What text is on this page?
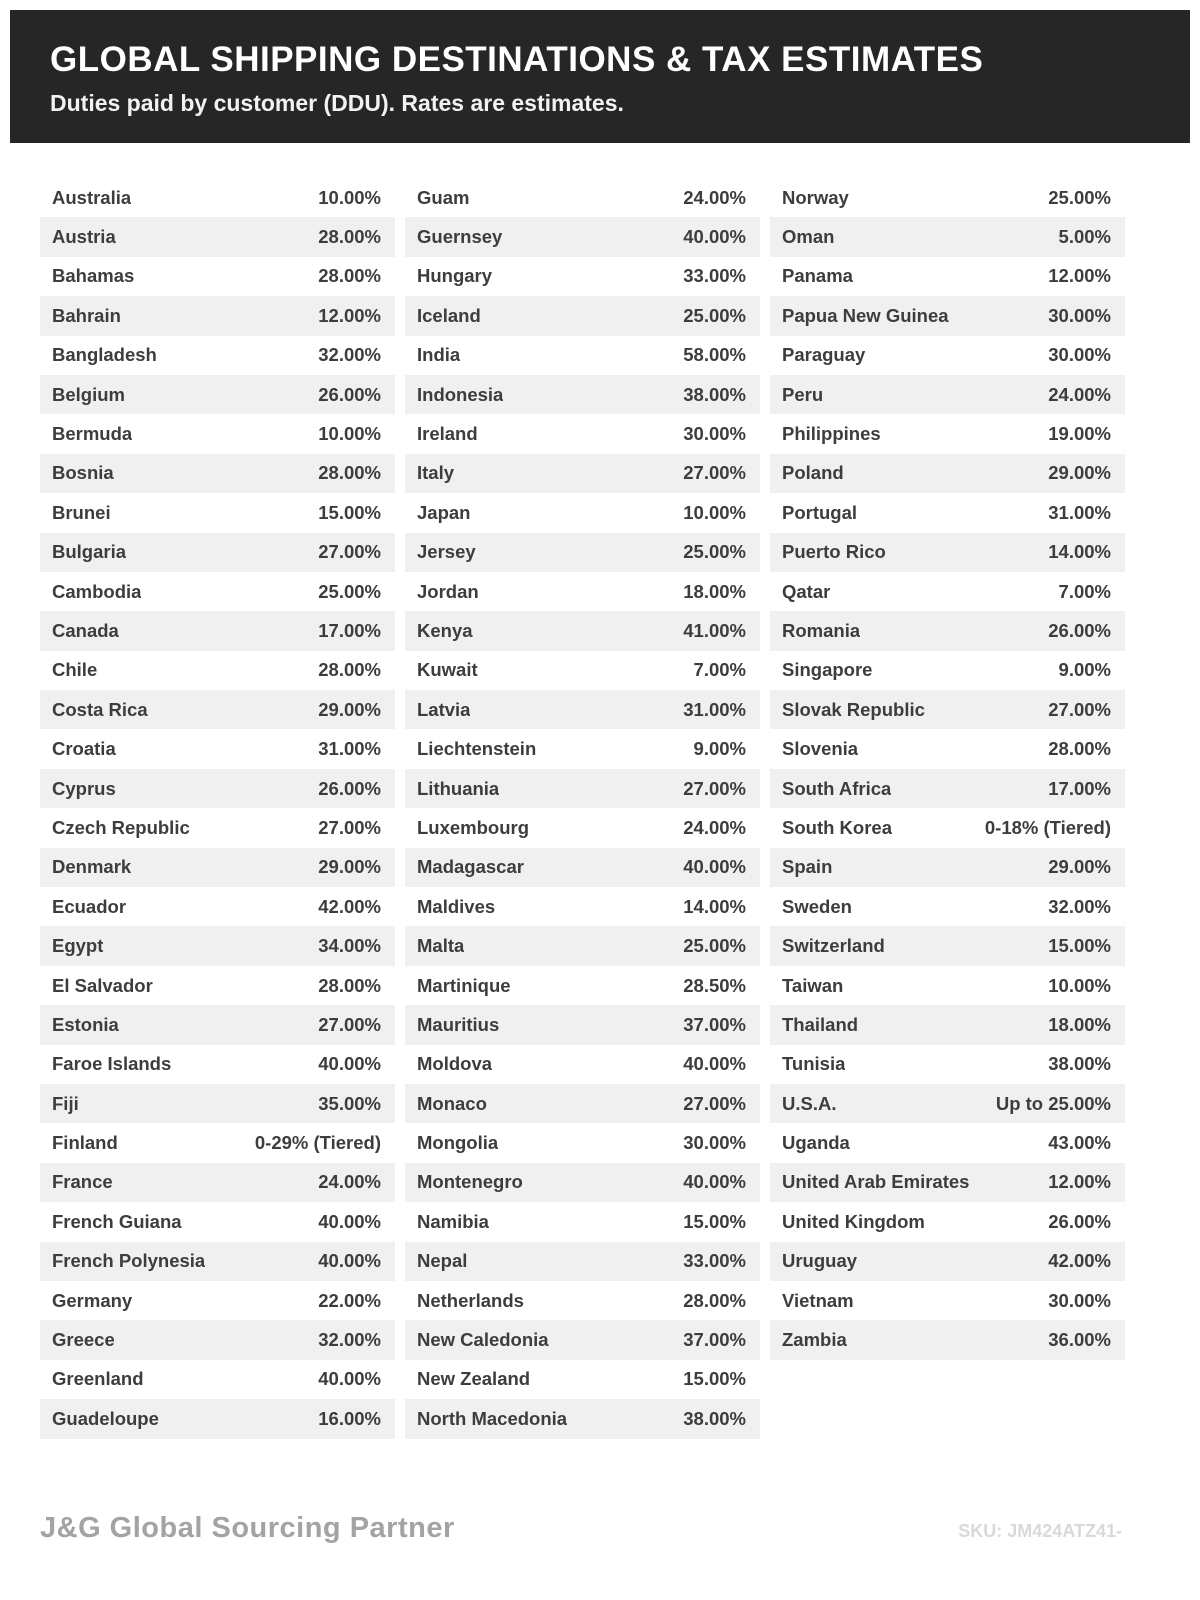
GLOBAL SHIPPING DESTINATIONS & TAX ESTIMATES
Duties paid by customer (DDU). Rates are estimates.
Australia	10.00%
Austria	28.00%
Bahamas	28.00%
Bahrain	12.00%
Bangladesh	32.00%
Belgium	26.00%
Bermuda	10.00%
Bosnia	28.00%
Brunei	15.00%
Bulgaria	27.00%
Cambodia	25.00%
Canada	17.00%
Chile	28.00%
Costa Rica	29.00%
Croatia	31.00%
Cyprus	26.00%
Czech Republic	27.00%
Denmark	29.00%
Ecuador	42.00%
Egypt	34.00%
El Salvador	28.00%
Estonia	27.00%
Faroe Islands	40.00%
Fiji	35.00%
Finland	0-29% (Tiered)
France	24.00%
French Guiana	40.00%
French Polynesia	40.00%
Germany	22.00%
Greece	32.00%
Greenland	40.00%
Guadeloupe	16.00%
Guam	24.00%
Guernsey	40.00%
Hungary	33.00%
Iceland	25.00%
India	58.00%
Indonesia	38.00%
Ireland	30.00%
Italy	27.00%
Japan	10.00%
Jersey	25.00%
Jordan	18.00%
Kenya	41.00%
Kuwait	7.00%
Latvia	31.00%
Liechtenstein	9.00%
Lithuania	27.00%
Luxembourg	24.00%
Madagascar	40.00%
Maldives	14.00%
Malta	25.00%
Martinique	28.50%
Mauritius	37.00%
Moldova	40.00%
Monaco	27.00%
Mongolia	30.00%
Montenegro	40.00%
Namibia	15.00%
Nepal	33.00%
Netherlands	28.00%
New Caledonia	37.00%
New Zealand	15.00%
North Macedonia	38.00%
Norway	25.00%
Oman	5.00%
Panama	12.00%
Papua New Guinea	30.00%
Paraguay	30.00%
Peru	24.00%
Philippines	19.00%
Poland	29.00%
Portugal	31.00%
Puerto Rico	14.00%
Qatar	7.00%
Romania	26.00%
Singapore	9.00%
Slovak Republic	27.00%
Slovenia	28.00%
South Africa	17.00%
South Korea	0-18% (Tiered)
Spain	29.00%
Sweden	32.00%
Switzerland	15.00%
Taiwan	10.00%
Thailand	18.00%
Tunisia	38.00%
U.S.A.	Up to 25.00%
Uganda	43.00%
United Arab Emirates	12.00%
United Kingdom	26.00%
Uruguay	42.00%
Vietnam	30.00%
Zambia	36.00%
J&G Global Sourcing Partner	SKU: JM424ATZ41-
